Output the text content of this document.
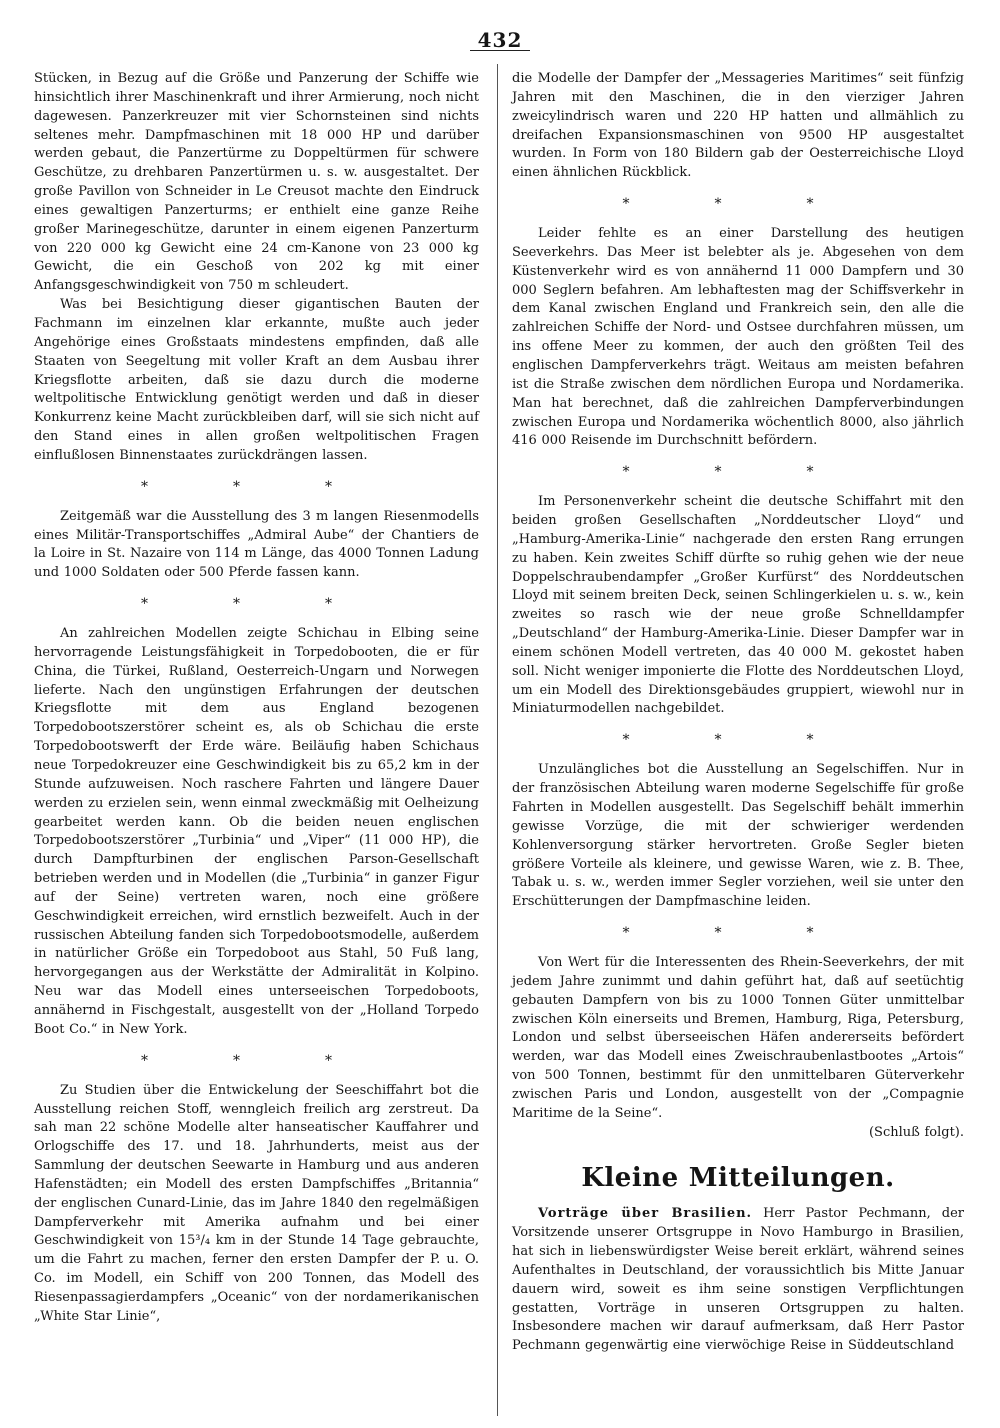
432

Stücken, in Bezug auf die Größe und Panzerung der Schiffe wie hinsichtlich ihrer Maschinenkraft und ihrer Armierung, noch nicht dagewesen. Panzerkreuzer mit vier Schornsteinen sind nichts seltenes mehr. Dampfmaschinen mit 18 000 HP und darüber werden gebaut, die Panzertürme zu Doppeltürmen für schwere Geschütze, zu drehbaren Panzertürmen u. s. w. ausgestaltet. Der große Pavillon von Schneider in Le Creusot machte den Eindruck eines gewaltigen Panzerturms; er enthielt eine ganze Reihe großer Marinegeschütze, darunter in einem eigenen Panzerturm von 220 000 kg Gewicht eine 24 cm-Kanone von 23 000 kg Gewicht, die ein Geschoß von 202 kg mit einer Anfangsgeschwindigkeit von 750 m schleudert.

Was bei Besichtigung dieser gigantischen Bauten der Fachmann im einzelnen klar erkannte, mußte auch jeder Angehörige eines Großstaats mindestens empfinden, daß alle Staaten von Seegeltung mit voller Kraft an dem Ausbau ihrer Kriegsflotte arbeiten, daß sie dazu durch die moderne weltpolitische Entwicklung genötigt werden und daß in dieser Konkurrenz keine Macht zurückbleiben darf, will sie sich nicht auf den Stand eines in allen großen weltpolitischen Fragen einflußlosen Binnenstaates zurückdrängen lassen.

* * *

Zeitgemäß war die Ausstellung des 3 m langen Riesenmodells eines Militär-Transportschiffes „Admiral Aube“ der Chantiers de la Loire in St. Nazaire von 114 m Länge, das 4000 Tonnen Ladung und 1000 Soldaten oder 500 Pferde fassen kann.

* * *

An zahlreichen Modellen zeigte Schichau in Elbing seine hervorragende Leistungsfähigkeit in Torpedobooten, die er für China, die Türkei, Rußland, Oesterreich-Ungarn und Norwegen lieferte. Nach den ungünstigen Erfahrungen der deutschen Kriegsflotte mit dem aus England bezogenen Torpedobootszerstörer scheint es, als ob Schichau die erste Torpedobootswerft der Erde wäre. Beiläufig haben Schichaus neue Torpedokreuzer eine Geschwindigkeit bis zu 65,2 km in der Stunde aufzuweisen. Noch raschere Fahrten und längere Dauer werden zu erzielen sein, wenn einmal zweckmäßig mit Oelheizung gearbeitet werden kann. Ob die beiden neuen englischen Torpedobootszerstörer „Turbinia“ und „Viper“ (11 000 HP), die durch Dampfturbinen der englischen Parson-Gesellschaft betrieben werden und in Modellen (die „Turbinia“ in ganzer Figur auf der Seine) vertreten waren, noch eine größere Geschwindigkeit erreichen, wird ernstlich bezweifelt. Auch in der russischen Abteilung fanden sich Torpedobootsmodelle, außerdem in natürlicher Größe ein Torpedoboot aus Stahl, 50 Fuß lang, hervorgegangen aus der Werkstätte der Admiralität in Kolpino. Neu war das Modell eines unterseeischen Torpedoboots, annähernd in Fischgestalt, ausgestellt von der „Holland Torpedo Boot Co.“ in New York.

* * *

Zu Studien über die Entwickelung der Seeschiffahrt bot die Ausstellung reichen Stoff, wenngleich freilich arg zerstreut. Da sah man 22 schöne Modelle alter hanseatischer Kauffahrer und Orlogschiffe des 17. und 18. Jahrhunderts, meist aus der Sammlung der deutschen Seewarte in Hamburg und aus anderen Hafenstädten; ein Modell des ersten Dampfschiffes „Britannia“ der englischen Cunard-Linie, das im Jahre 1840 den regelmäßigen Dampferverkehr mit Amerika aufnahm und bei einer Geschwindigkeit von 15³/₄ km in der Stunde 14 Tage gebrauchte, um die Fahrt zu machen, ferner den ersten Dampfer der P. u. O. Co. im Modell, ein Schiff von 200 Tonnen, das Modell des Riesenpassagierdampfers „Oceanic“ von der nordamerikanischen „White Star Linie“,

die Modelle der Dampfer der „Messageries Maritimes“ seit fünfzig Jahren mit den Maschinen, die in den vierziger Jahren zweicylindrisch waren und 220 HP hatten und allmählich zu dreifachen Expansionsmaschinen von 9500 HP ausgestaltet wurden. In Form von 180 Bildern gab der Oesterreichische Lloyd einen ähnlichen Rückblick.

* * *

Leider fehlte es an einer Darstellung des heutigen Seeverkehrs. Das Meer ist belebter als je. Abgesehen von dem Küstenverkehr wird es von annähernd 11 000 Dampfern und 30 000 Seglern befahren. Am lebhaftesten mag der Schiffsverkehr in dem Kanal zwischen England und Frankreich sein, den alle die zahlreichen Schiffe der Nord- und Ostsee durchfahren müssen, um ins offene Meer zu kommen, der auch den größten Teil des englischen Dampferverkehrs trägt. Weitaus am meisten befahren ist die Straße zwischen dem nördlichen Europa und Nordamerika. Man hat berechnet, daß die zahlreichen Dampferverbindungen zwischen Europa und Nordamerika wöchentlich 8000, also jährlich 416 000 Reisende im Durchschnitt befördern.

* * *

Im Personenverkehr scheint die deutsche Schiffahrt mit den beiden großen Gesellschaften „Norddeutscher Lloyd“ und „Hamburg-Amerika-Linie“ nachgerade den ersten Rang errungen zu haben. Kein zweites Schiff dürfte so ruhig gehen wie der neue Doppelschraubendampfer „Großer Kurfürst“ des Norddeutschen Lloyd mit seinem breiten Deck, seinen Schlingerkielen u. s. w., kein zweites so rasch wie der neue große Schnelldampfer „Deutschland“ der Hamburg-Amerika-Linie. Dieser Dampfer war in einem schönen Modell vertreten, das 40 000 M. gekostet haben soll. Nicht weniger imponierte die Flotte des Norddeutschen Lloyd, um ein Modell des Direktionsgebäudes gruppiert, wiewohl nur in Miniaturmodellen nachgebildet.

* * *

Unzulängliches bot die Ausstellung an Segelschiffen. Nur in der französischen Abteilung waren moderne Segelschiffe für große Fahrten in Modellen ausgestellt. Das Segelschiff behält immerhin gewisse Vorzüge, die mit der schwieriger werdenden Kohlenversorgung stärker hervortreten. Große Segler bieten größere Vorteile als kleinere, und gewisse Waren, wie z. B. Thee, Tabak u. s. w., werden immer Segler vorziehen, weil sie unter den Erschütterungen der Dampfmaschine leiden.

* * *

Von Wert für die Interessenten des Rhein-Seeverkehrs, der mit jedem Jahre zunimmt und dahin geführt hat, daß auf seetüchtig gebauten Dampfern von bis zu 1000 Tonnen Güter unmittelbar zwischen Köln einerseits und Bremen, Hamburg, Riga, Petersburg, London und selbst überseeischen Häfen andererseits befördert werden, war das Modell eines Zweischraubenlastbootes „Artois“ von 500 Tonnen, bestimmt für den unmittelbaren Güterverkehr zwischen Paris und London, ausgestellt von der „Compagnie Maritime de la Seine“.

(Schluß folgt).

Kleine Mitteilungen.

Vorträge über Brasilien. Herr Pastor Pechmann, der Vorsitzende unserer Ortsgruppe in Novo Hamburgo in Brasilien, hat sich in liebenswürdigster Weise bereit erklärt, während seines Aufenthaltes in Deutschland, der voraussichtlich bis Mitte Januar dauern wird, soweit es ihm seine sonstigen Verpflichtungen gestatten, Vorträge in unseren Ortsgruppen zu halten. Insbesondere machen wir darauf aufmerksam, daß Herr Pastor Pechmann gegenwärtig eine vierwöchige Reise in Süddeutschland
